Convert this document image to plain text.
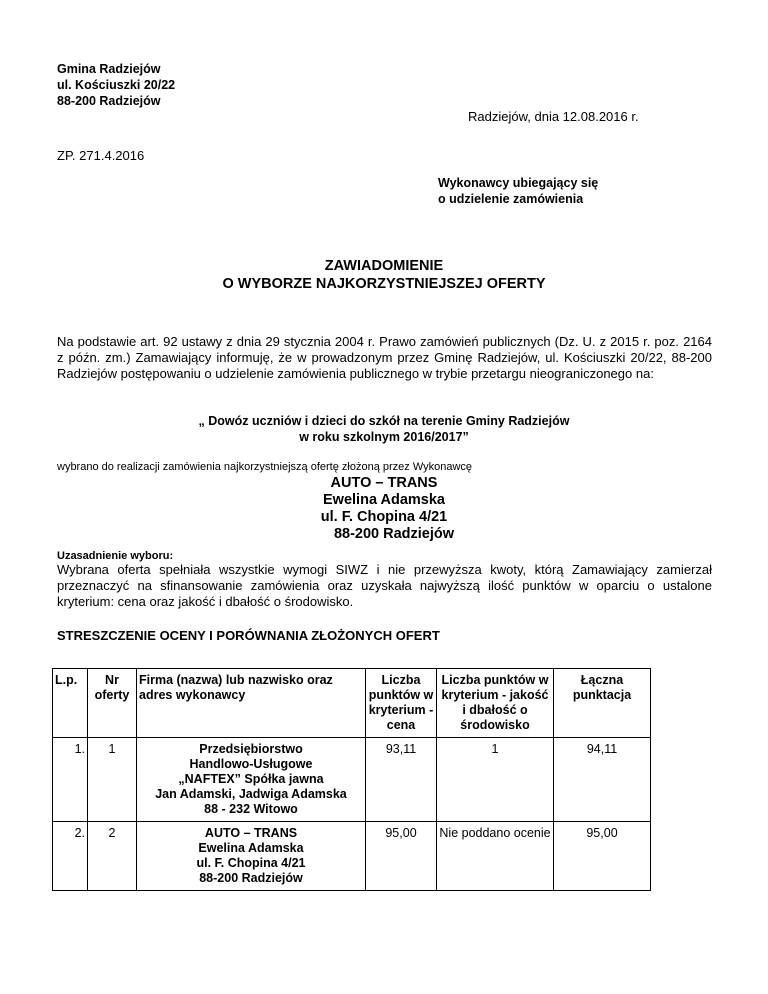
Gmina Radziejów
ul. Kościuszki 20/22
88-200 Radziejów
Radziejów, dnia 12.08.2016 r.
ZP. 271.4.2016
Wykonawcy ubiegający się
o udzielenie zamówienia
ZAWIADOMIENIE
O WYBORZE NAJKORZYSTNIEJSZEJ OFERTY
Na podstawie art. 92 ustawy z dnia 29 stycznia 2004 r. Prawo zamówień publicznych (Dz. U. z 2015 r. poz. 2164 z późn. zm.) Zamawiający informuję, że w prowadzonym przez Gminę Radziejów, ul. Kościuszki 20/22, 88-200 Radziejów postępowaniu o udzielenie zamówienia publicznego w trybie przetargu nieograniczonego na:
„ Dowóz uczniów i dzieci do szkół na terenie Gminy Radziejów
w roku szkolnym 2016/2017”
wybrano do realizacji zamówienia najkorzystniejszą ofertę złożoną przez Wykonawcę
AUTO – TRANS
Ewelina Adamska
ul. F. Chopina 4/21
88-200 Radziejów
Uzasadnienie wyboru:
Wybrana oferta spełniała wszystkie wymogi SIWZ i nie przewyższa kwoty, którą Zamawiający zamierzał przeznaczyć na sfinansowanie zamówienia oraz uzyskała najwyższą ilość punktów w oparciu o ustalone kryterium: cena oraz jakość i dbałość o środowisko.
STRESZCZENIE OCENY I PORÓWNANIA ZŁOŻONYCH OFERT
L.p.	Nr oferty	Firma (nazwa) lub nazwisko oraz adres wykonawcy	Liczba punktów w kryterium - cena	Liczba punktów w kryterium - jakość i dbałość o środowisko	Łączna punktacja
1.	1	Przedsiębiorstwo
Handlowo-Usługowe
„NAFTEX” Spółka jawna
Jan Adamski, Jadwiga Adamska
88 - 232 Witowo	93,11	1	94,11
2.	2	AUTO – TRANS
Ewelina Adamska
ul. F. Chopina 4/21
88-200 Radziejów	95,00	Nie poddano ocenie	95,00
